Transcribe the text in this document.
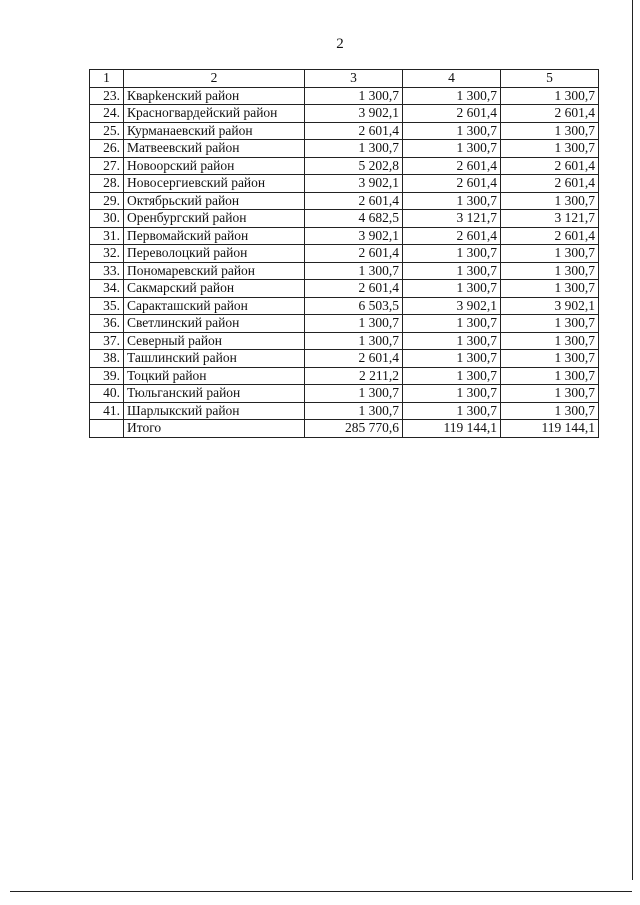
2
1	2	3	4	5
23.	Кварkенский район	1 300,7	1 300,7	1 300,7
24.	Красногвардейский район	3 902,1	2 601,4	2 601,4
25.	Курманаевский район	2 601,4	1 300,7	1 300,7
26.	Матвеевский район	1 300,7	1 300,7	1 300,7
27.	Новоорский район	5 202,8	2 601,4	2 601,4
28.	Новосергиевский район	3 902,1	2 601,4	2 601,4
29.	Октябрьский район	2 601,4	1 300,7	1 300,7
30.	Оренбургский район	4 682,5	3 121,7	3 121,7
31.	Первомайский район	3 902,1	2 601,4	2 601,4
32.	Переволоцкий район	2 601,4	1 300,7	1 300,7
33.	Пономаревский район	1 300,7	1 300,7	1 300,7
34.	Сакмарский район	2 601,4	1 300,7	1 300,7
35.	Саракташский район	6 503,5	3 902,1	3 902,1
36.	Светлинский район	1 300,7	1 300,7	1 300,7
37.	Северный район	1 300,7	1 300,7	1 300,7
38.	Ташлинский район	2 601,4	1 300,7	1 300,7
39.	Тоцкий район	2 211,2	1 300,7	1 300,7
40.	Тюльганский район	1 300,7	1 300,7	1 300,7
41.	Шарлыкский район	1 300,7	1 300,7	1 300,7
	Итого	285 770,6	119 144,1	119 144,1
